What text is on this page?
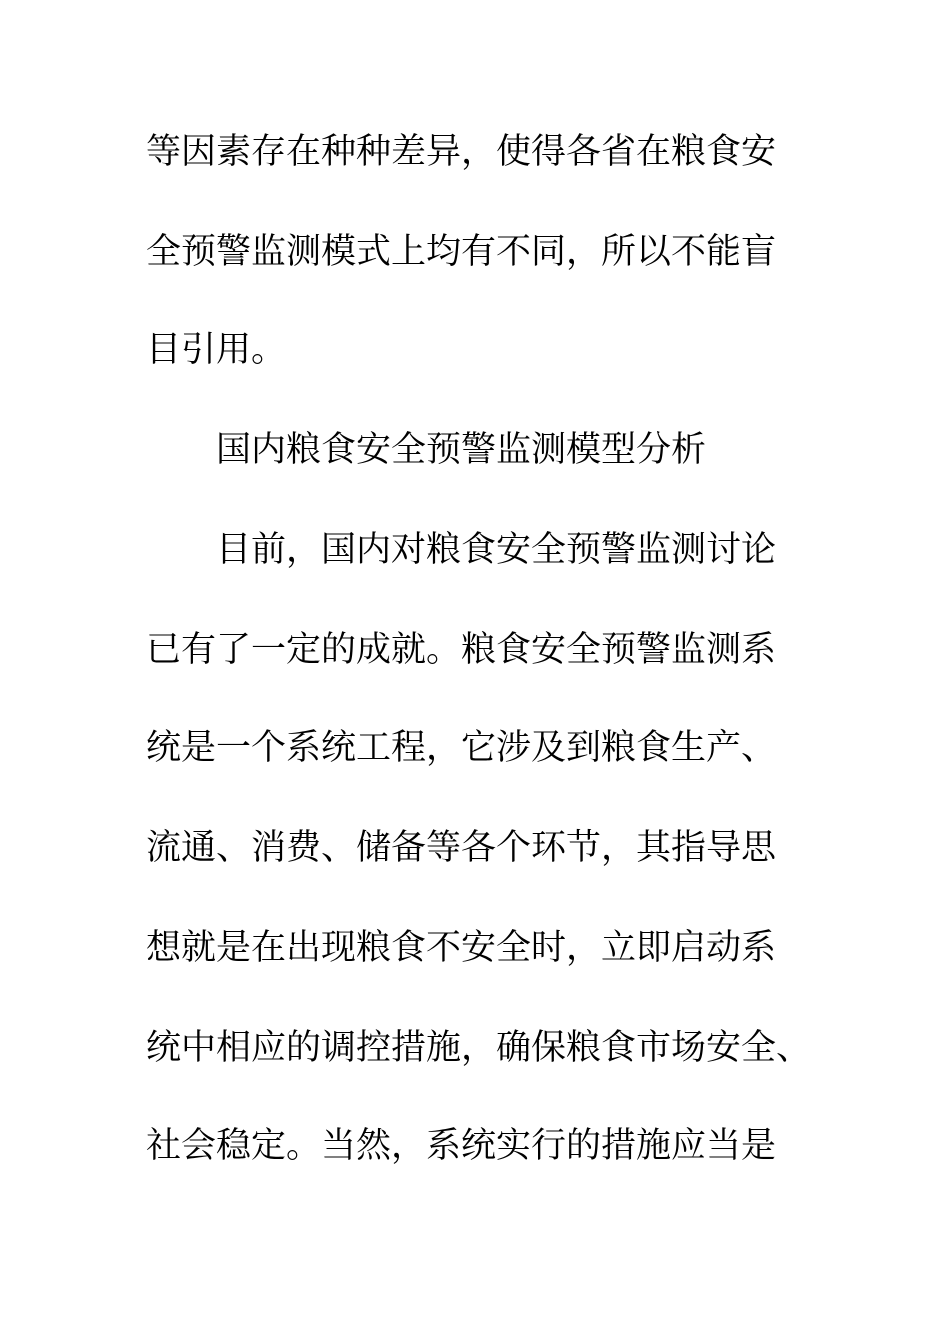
等因素存在种种差异，使得各省在粮食安

全预警监测模式上均有不同，所以不能盲

目引用。

国内粮食安全预警监测模型分析

目前，国内对粮食安全预警监测讨论

已有了一定的成就。粮食安全预警监测系

统是一个系统工程，它涉及到粮食生产、

流通、消费、储备等各个环节，其指导思

想就是在出现粮食不安全时，立即启动系

统中相应的调控措施，确保粮食市场安全、

社会稳定。当然，系统实行的措施应当是
